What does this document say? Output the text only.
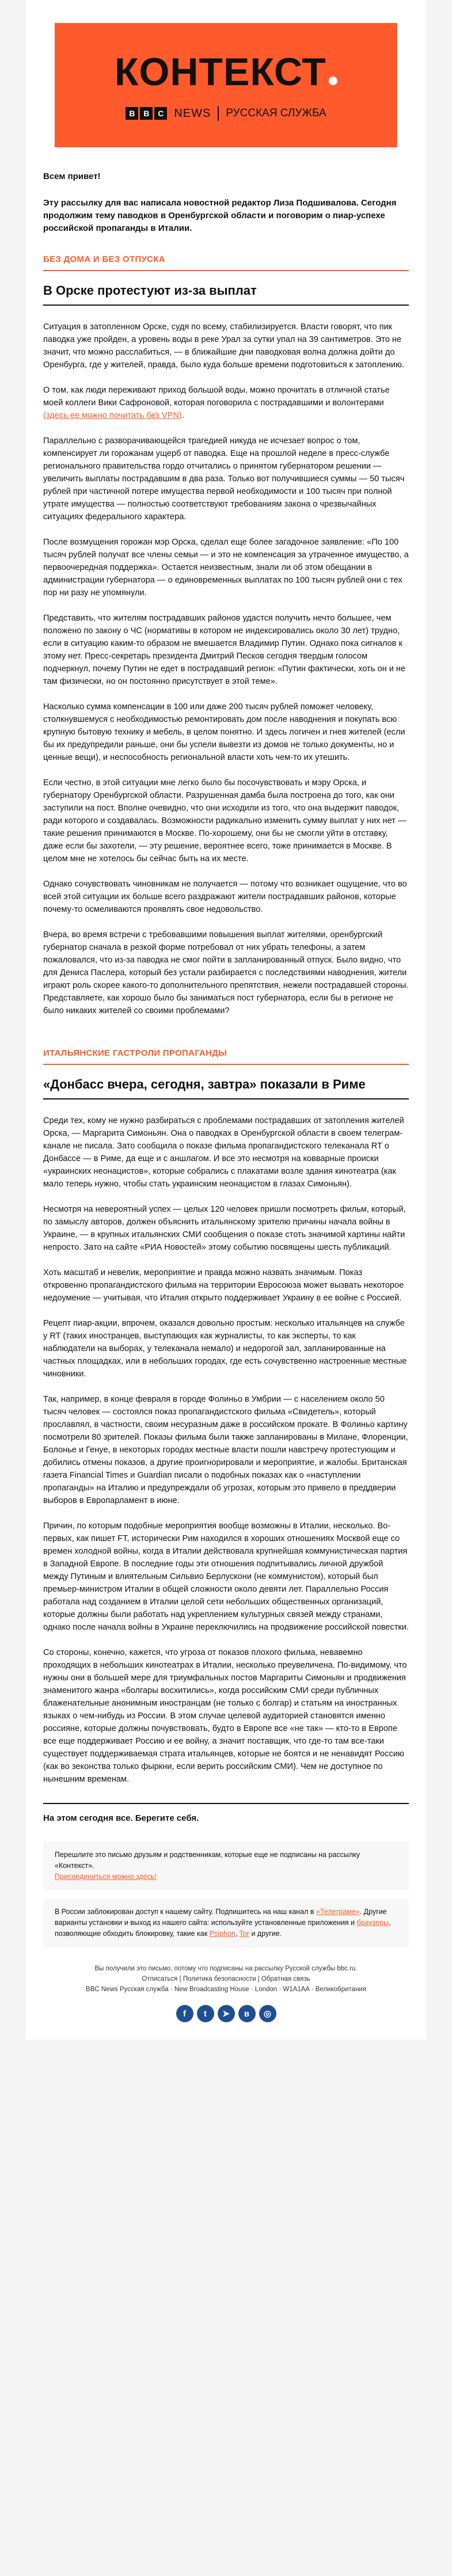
КОНТЕКСТ
B	B	C NEWS РУССКАЯ СЛУЖБА

Всем привет!

Эту рассылку для вас написала новостной редактор Лиза Подшивалова. Сегодня продолжим тему паводков в Оренбургской области и поговорим о пиар-успехе российской пропаганды в Италии.

БЕЗ ДОМА И БЕЗ ОТПУСКА
В Орске протестуют из-за выплат

Ситуация в затопленном Орске, судя по всему, стабилизируется. Власти говорят, что пик паводка уже пройден, а уровень воды в реке Урал за сутки упал на 39 сантиметров. Это не значит, что можно расслабиться, — в ближайшие дни паводковая волна должна дойти до Оренбурга, где у жителей, правда, было куда больше времени подготовиться к затоплению.

О том, как люди переживают приход большой воды, можно прочитать в отличной статье моей коллеги Вики Сафроновой, которая поговорила с пострадавшими и волонтерами (здесь ее можно почитать без VPN).

Параллельно с разворачивающейся трагедией никуда не исчезает вопрос о том, компенсирует ли горожанам ущерб от паводка. Еще на прошлой неделе в пресс-службе регионального правительства гордо отчитались о принятом губернатором решении — увеличить выплаты пострадавшим в два раза. Только вот получившиеся суммы — 50 тысяч рублей при частичной потере имущества первой необходимости и 100 тысяч при полной утрате имущества — полностью соответствуют требованиям закона о чрезвычайных ситуациях федерального характера.

После возмущения горожан мэр Орска, сделал еще более загадочное заявление: «По 100 тысяч рублей получат все члены семьи — и это не компенсация за утраченное имущество, а первоочередная поддержка». Остается неизвестным, знали ли об этом обещании в администрации губернатора — о единовременных выплатах по 100 тысяч рублей они с тех пор ни разу не упомянули.

Представить, что жителям пострадавших районов удастся получить нечто большее, чем положено по закону о ЧС (нормативы в котором не индексировались около 30 лет) трудно, если в ситуацию каким-то образом не вмешается Владимир Путин. Однако пока сигналов к этому нет. Пресс-секретарь президента Дмитрий Песков сегодня твердым голосом подчеркнул, почему Путин не едет в пострадавший регион: «Путин фактически, хоть он и не там физически, но он постоянно присутствует в этой теме».

Насколько сумма компенсации в 100 или даже 200 тысяч рублей поможет человеку, столкнувшемуся с необходимостью ремонтировать дом после наводнения и покупать всю крупную бытовую технику и мебель, в целом понятно. И здесь логичен и гнев жителей (если бы их предупредили раньше, они бы успели вывезти из домов не только документы, но и ценные вещи), и неспособность региональной власти хоть чем-то их утешить.

Если честно, в этой ситуации мне легко было бы посочувствовать и мэру Орска, и губернатору Оренбургской области. Разрушенная дамба была построена до того, как они заступили на пост. Вполне очевидно, что они исходили из того, что она выдержит паводок, ради которого и создавалась. Возможности радикально изменить сумму выплат у них нет — такие решения принимаются в Москве. По-хорошему, они бы не смогли уйти в отставку, даже если бы захотели, — эту решение, вероятнее всего, тоже принимается в Москве. В целом мне не хотелось бы сейчас быть на их месте.

Однако сочувствовать чиновникам не получается — потому что возникает ощущение, что во всей этой ситуации их больше всего раздражают жители пострадавших районов, которые почему-то осмеливаются проявлять свое недовольство.

Вчера, во время встречи с требовавшими повышения выплат жителями, оренбургский губернатор сначала в резкой форме потребовал от них убрать телефоны, а затем пожаловался, что из-за паводка не смог пойти в запланированный отпуск. Было видно, что для Дениса Паслера, который без устали разбирается с последствиями наводнения, жители играют роль скорее какого-то дополнительного препятствия, нежели пострадавшей стороны. Представляете, как хорошо было бы заниматься пост губернатора, если бы в регионе не было никаких жителей со своими проблемами?

ИТАЛЬЯНСКИЕ ГАСТРОЛИ ПРОПАГАНДЫ
«Донбасс вчера, сегодня, завтра» показали в Риме

Среди тех, кому не нужно разбираться с проблемами пострадавших от затопления жителей Орска, — Маргарита Симоньян. Она о паводках в Оренбургской области в своем телеграм-канале не писала. Зато сообщила о показе фильма пропагандистского телеканала RT о Донбассе — в Риме, да еще и с аншлагом. И все это несмотря на ковварные происки «украинских неонацистов», которые собрались с плакатами возле здания кинотеатра (как мало теперь нужно, чтобы стать украинским неонацистом в глазах Симоньян).

Несмотря на невероятный успех — целых 120 человек пришли посмотреть фильм, который, по замыслу авторов, должен объяснить итальянскому зрителю причины начала войны в Украине, — в крупных итальянских СМИ сообщения о показе стоть значимой картины найти непросто. Зато на сайте «РИА Новостей» этому событию посвящены шесть публикаций.

Хоть масштаб и невелик, мероприятие и правда можно назвать значимым. Показ откровенно пропагандистского фильма на территории Евросоюза может вызвать некоторое недоумение — учитывая, что Италия открыто поддерживает Украину в ее войне с Россией.

Рецепт пиар-акции, впрочем, оказался довольно простым: несколько итальянцев на службе у RT (таких иностранцев, выступающих как журналисты, то как эксперты, то как наблюдатели на выборах, у телеканала немало) и недорогой зал, запланированные на частных площадках, или в небольших городах, где есть сочувственно настроенные местные чиновники.

Так, например, в конце февраля в городе Фолиньо в Умбрии — с населением около 50 тысяч человек — состоялся показ пропагандистского фильма «Свидетель», который прославлял, в частности, своим несуразным даже в российском прокате. В Фолиньо картину посмотрели 80 зрителей. Показы фильма были также запланированы в Милане, Флоренции, Болонье и Генуе, в некоторых городах местные власти пошли навстречу протестующим и добились отмены показов, а другие проигнорировали и мероприятие, и жалобы. Британская газета Financial Times и Guardian писали о подобных показах как о «наступлении пропаганды» на Италию и предупреждали об угрозах, которым это привело в преддверии выборов в Европарламент в июне.

Причин, по которым подобные мероприятия вообще возможны в Италии, несколько. Во-первых, как пишет FT, исторически Рим находился в хороших отношениях Москвой еще со времен холодной войны, когда в Италии действовала крупнейшая коммунистическая партия в Западной Европе. В последние годы эти отношения подпитывались личной дружбой между Путиным и влиятельным Сильвио Берлускони (не коммунистом), который был премьер-министром Италии в общей сложности около девяти лет. Параллельно Россия работала над созданием в Италии целой сети небольших общественных организаций, которые должны были работать над укреплением культурных связей между странами, однако после начала войны в Украине переключились на продвижение российской повестки.

Со стороны, конечно, кажется, что угроза от показов плохого фильма, невавемно проходящих в небольших кинотеатрах в Италии, несколько преувеличена. По-видимому, что нужны они в большей мере для триумфальных постов Маргариты Симоньян и продвижения знаменитого жанра «болгары восхитились», когда российским СМИ среди публичных блаженательные анонимным иностранцам (не только с болгар) и статьям на иностранных языках о чем-нибудь из России. В этом случае целевой аудиторией становятся именно россияне, которые должны почувствовать, будто в Европе все «не так» — кто-то в Европе все еще поддерживает Россию и ее войну, а значит поставщик, что где-то там все-таки существует поддерживаемая страта итальянцев, которые не боятся и не ненавидят Россию (как во зеконства только фыркни, если верить российским СМИ). Чем не доступное по нынешним временам.

На этом сегодня все. Берегите себя.

Перешлите это письмо друзьям и родственникам, которые еще не подписаны на рассылку «Контекст».

Присоединиться можно здесь!

В России заблокирован доступ к нашему сайту. Подпишитесь на наш канал в «Телеграме». Другие варианты установки и выход из нашего сайта: используйте установленные приложения и браузеры, позволяющие обходить блокировку, такие как Psiphon, Tor и другие.

Вы получили это письмо, потому что подписаны на рассылку Русской службы bbc.ru.

Отписаться | Политика безопасности | Обратная связь

BBC News Русская служба · New Broadcasting House · London · W1A1AA · Великобритания

f	t	➤	в	◎
